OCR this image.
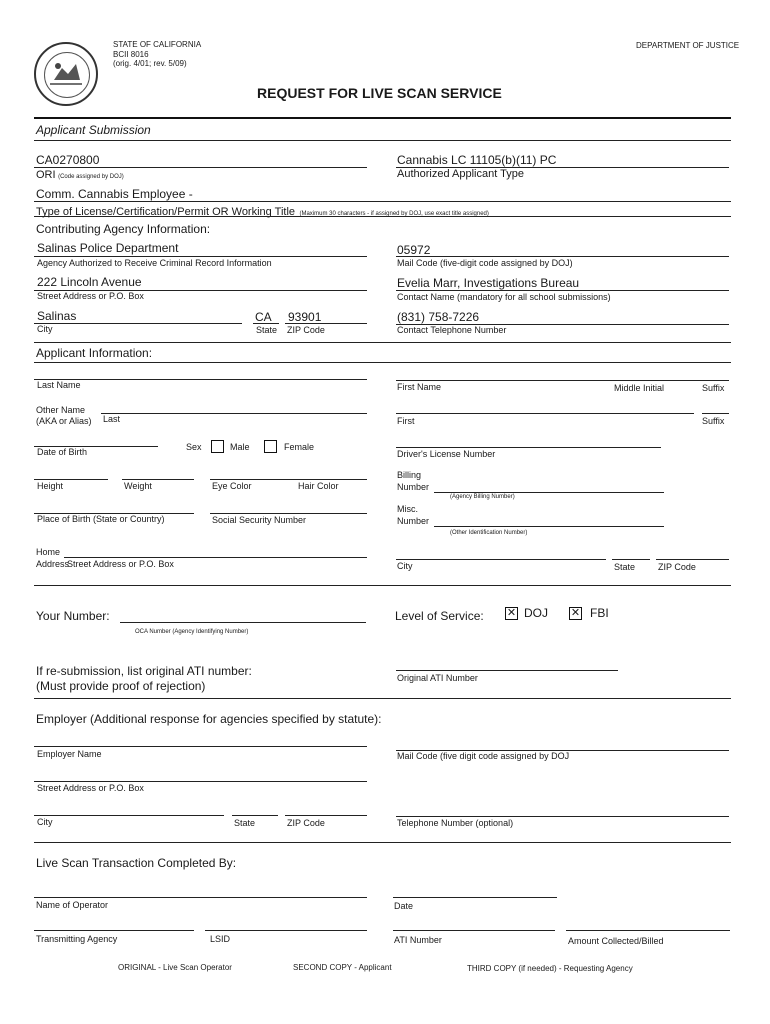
STATE OF CALIFORNIA
BCII 8016
(orig. 4/01; rev. 5/09)
DEPARTMENT OF JUSTICE
REQUEST FOR LIVE SCAN SERVICE
Applicant Submission
CA0270800
ORI (Code assigned by DOJ)
Cannabis LC 11105(b)(11) PC
Authorized Applicant Type
Comm. Cannabis Employee -
Type of License/Certification/Permit OR Working Title (Maximum 30 characters - if assigned by DOJ, use exact title assigned)
Contributing Agency Information:
Salinas Police Department
Agency Authorized to Receive Criminal Record Information
05972
Mail Code (five-digit code assigned by DOJ)
222 Lincoln Avenue
Street Address or P.O. Box
Evelia Marr, Investigations Bureau
Contact Name (mandatory for all school submissions)
Salinas	CA 93901
City	State ZIP Code
(831) 758-7226
Contact Telephone Number
Applicant Information:
Last Name	First Name	Middle Initial	Suffix
Other Name
(AKA or Alias) Last	First	Suffix
Date of Birth	Sex	Male	Female
Driver's License Number
Height	Weight	Eye Color	Hair Color
Billing
Number
(Agency Billing Number)
Place of Birth (State or Country)	Social Security Number
Misc.
Number
(Other Identification Number)
Home
Address
Street Address or P.O. Box	City	State	ZIP Code
Your Number:
OCA Number (Agency Identifying Number)
Level of Service: ✕ DOJ ✕ FBI
If re-submission, list original ATI number:
(Must provide proof of rejection)
Original ATI Number
Employer (Additional response for agencies specified by statute):
Employer Name	Mail Code (five digit code assigned by DOJ
Street Address or P.O. Box
City	State	ZIP Code	Telephone Number (optional)
Live Scan Transaction Completed By:
Name of Operator	Date
Transmitting Agency	LSID	ATI Number	Amount Collected/Billed
ORIGINAL - Live Scan Operator	SECOND COPY - Applicant	THIRD COPY (if needed) - Requesting Agency
